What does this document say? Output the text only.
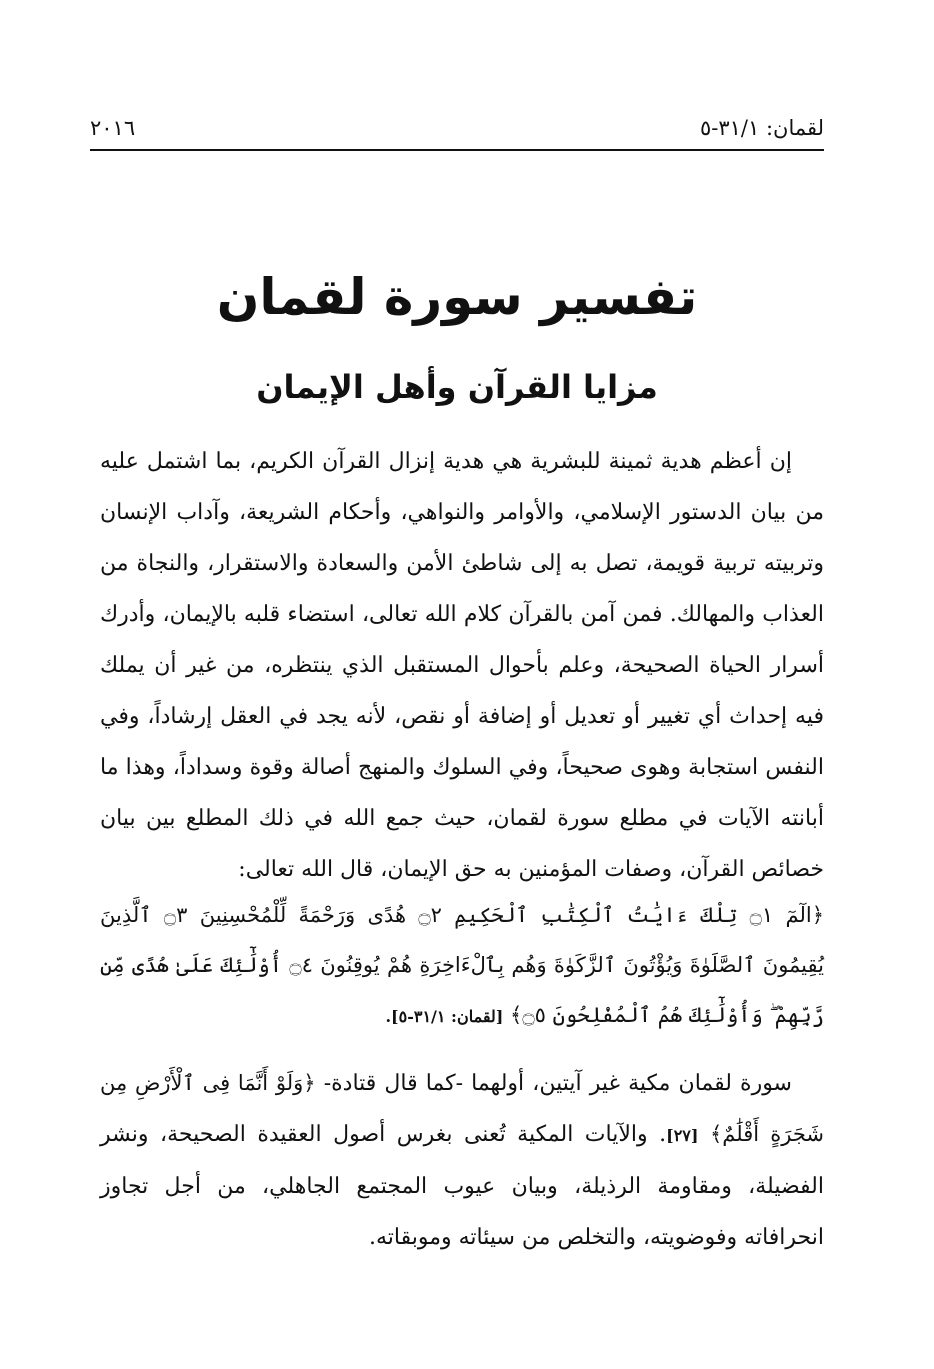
لقمان: ٣١/١-٥
٢٠١٦
تفسير سورة لقمان
مزايا القرآن وأهل الإيمان
إن أعظم هدية ثمينة للبشرية هي هدية إنزال القرآن الكريم، بما اشتمل عليه من بيان الدستور الإسلامي، والأوامر والنواهي، وأحكام الشريعة، وآداب الإنسان وتربيته تربية قويمة، تصل به إلى شاطئ الأمن والسعادة والاستقرار، والنجاة من العذاب والمهالك. فمن آمن بالقرآن كلام الله تعالى، استضاء قلبه بالإيمان، وأدرك أسرار الحياة الصحيحة، وعلم بأحوال المستقبل الذي ينتظره، من غير أن يملك فيه إحداث أي تغيير أو تعديل أو إضافة أو نقص، لأنه يجد في العقل إرشاداً، وفي النفس استجابة وهوى صحيحاً، وفي السلوك والمنهج أصالة وقوة وسداداً، وهذا ما أبانته الآيات في مطلع سورة لقمان، حيث جمع الله في ذلك المطلع بين بيان خصائص القرآن، وصفات المؤمنين به حق الإيمان، قال الله تعالى:
﴿الٓمٓ ۝١ تِلْكَ ءَايَٰتُ ٱلْكِتَٰبِ ٱلْحَكِيمِ ۝٢ هُدًى وَرَحْمَةً لِّلْمُحْسِنِينَ ۝٣ ٱلَّذِينَ يُقِيمُونَ ٱلصَّلَوٰةَ وَيُؤْتُونَ ٱلزَّكَوٰةَ وَهُم بِٱلْءَاخِرَةِ هُمْ يُوقِنُونَ ۝٤ أُوْلَٰٓئِكَ عَلَىٰ هُدًى مِّن رَّبِّهِمْ ۖ وَأُوْلَٰٓئِكَ هُمُ ٱلْمُفْلِحُونَ ۝٥﴾ [لقمان: ٣١/١-٥].
سورة لقمان مكية غير آيتين، أولهما -كما قال قتادة- ﴿وَلَوْ أَنَّمَا فِى ٱلْأَرْضِ مِن شَجَرَةٍ أَقْلَٰمٌ﴾ [٢٧]. والآيات المكية تُعنى بغرس أصول العقيدة الصحيحة، ونشر الفضيلة، ومقاومة الرذيلة، وبيان عيوب المجتمع الجاهلي، من أجل تجاوز انحرافاته وفوضويته، والتخلص من سيئاته وموبقاته.
